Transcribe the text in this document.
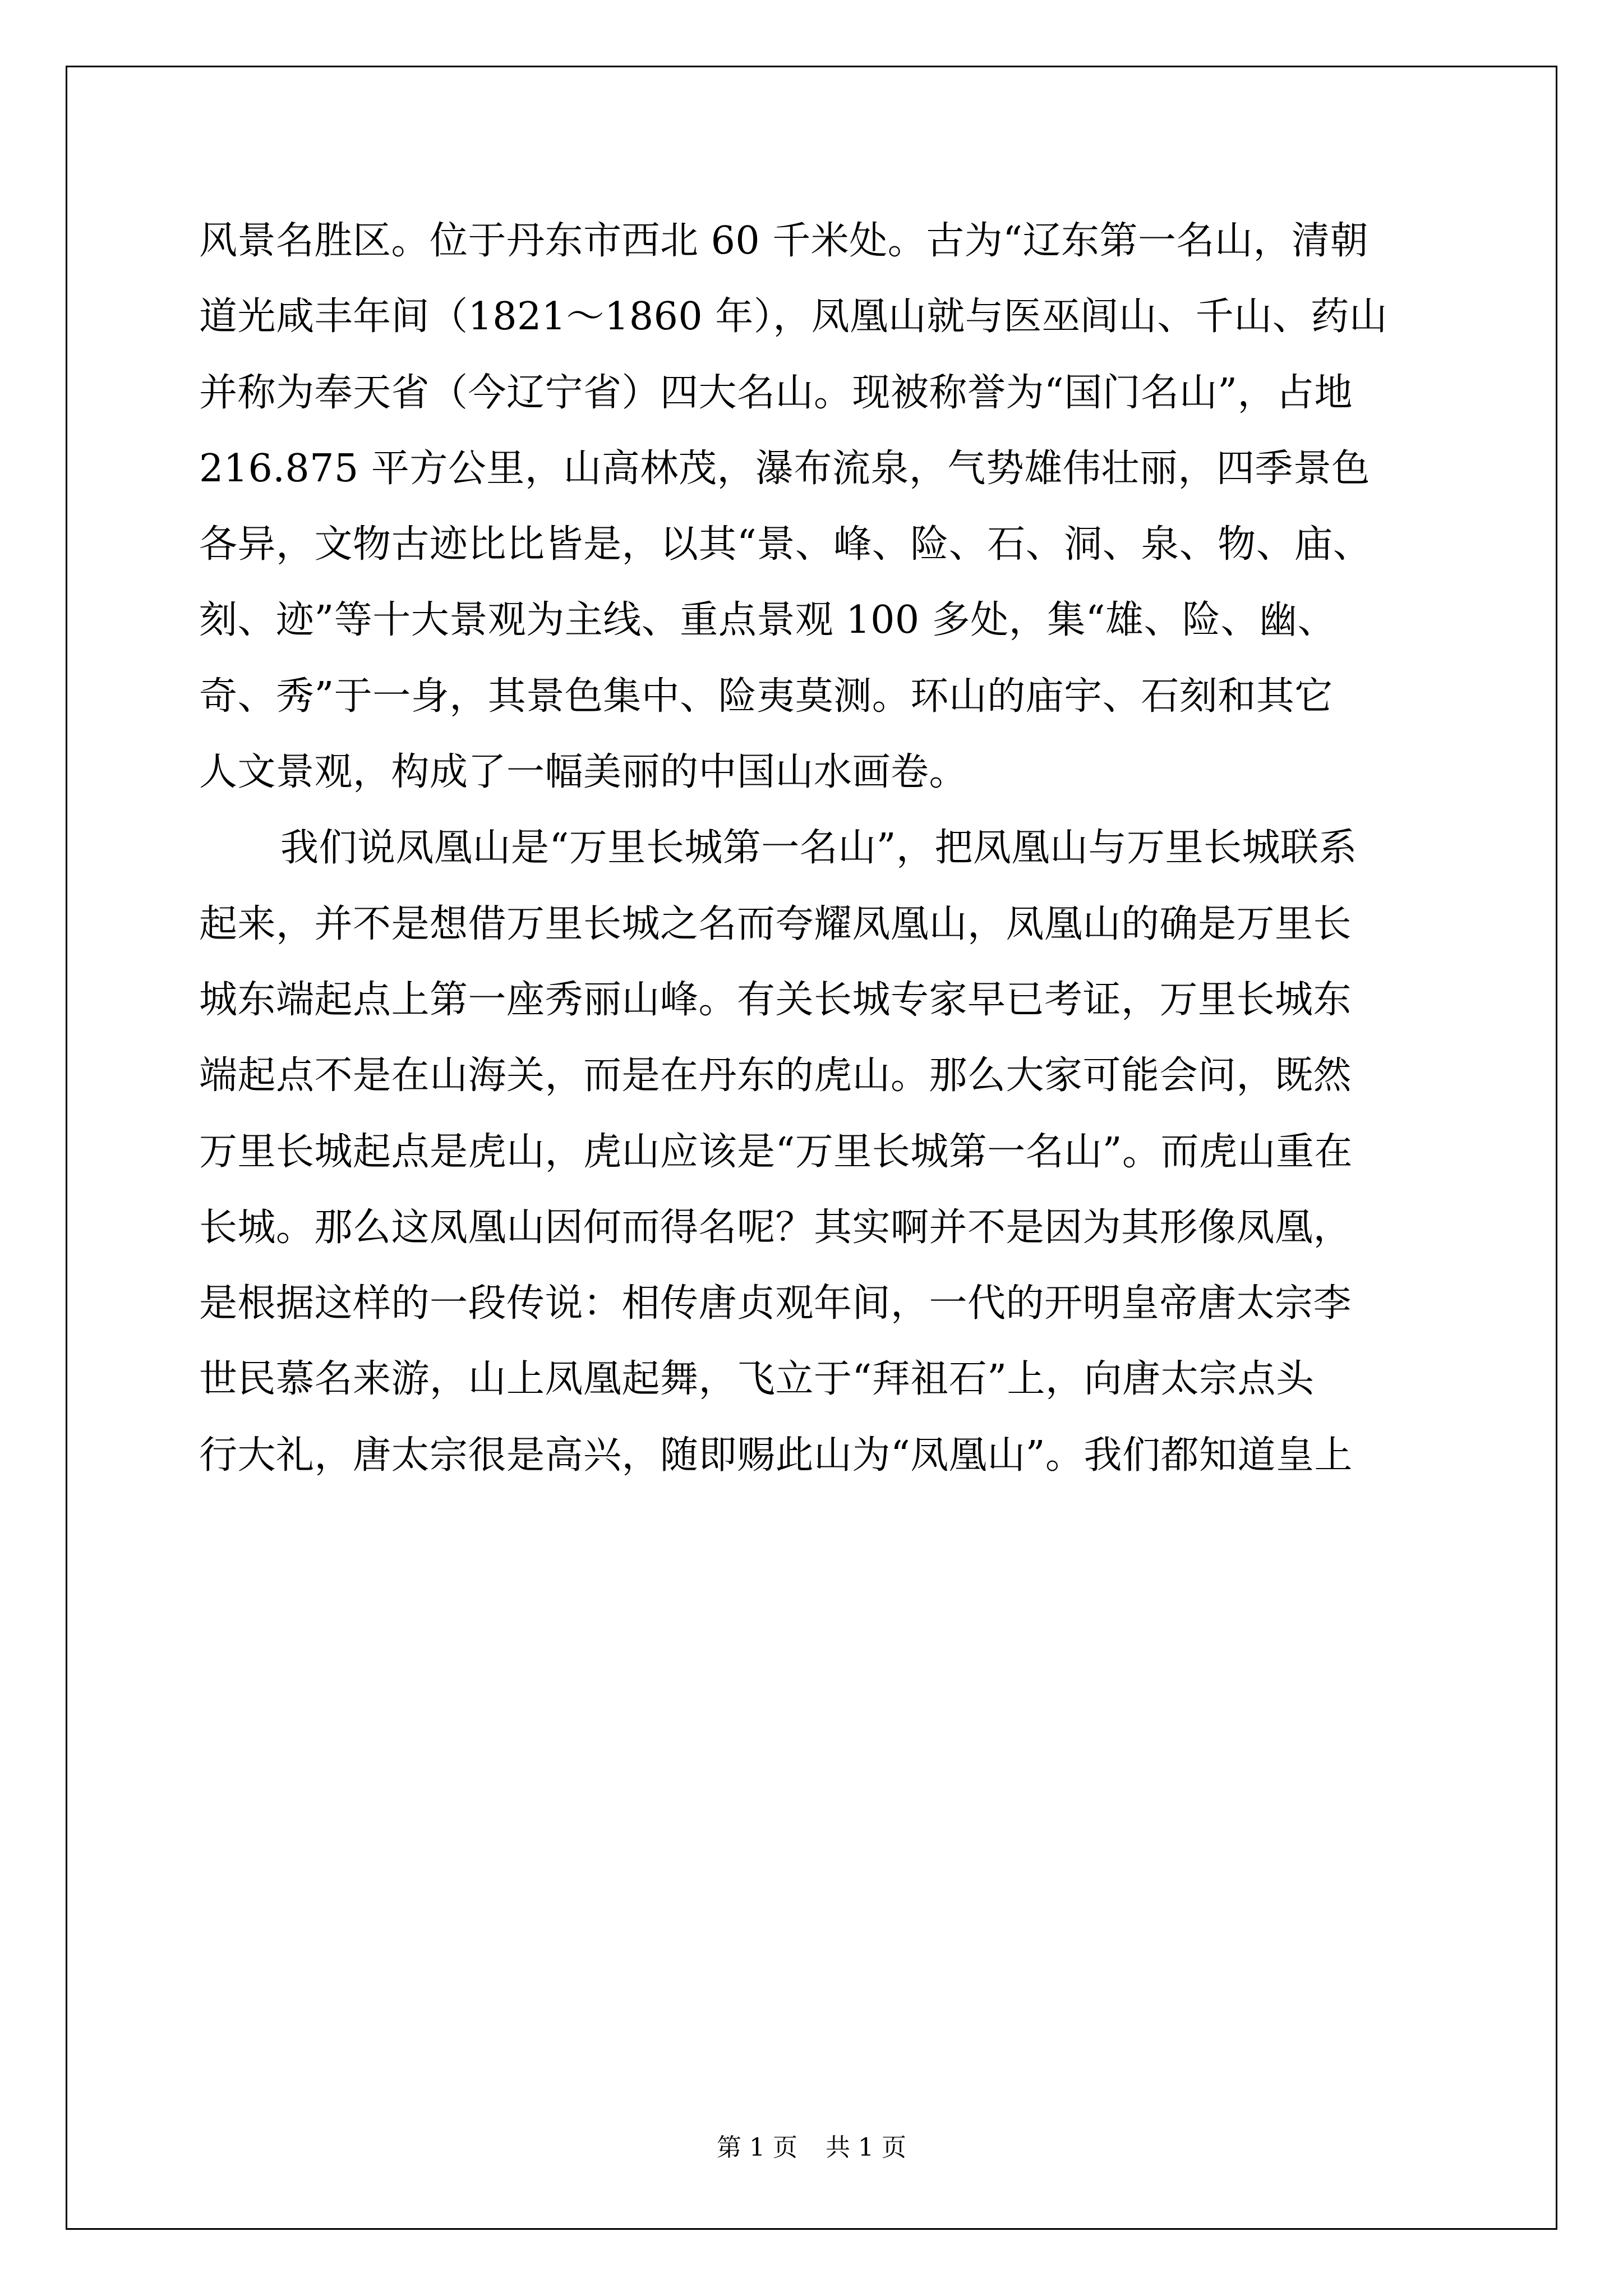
风景名胜区。位于丹东市西北 60 千米处。古为“辽东第一名山，清朝
道光咸丰年间（1821～1860 年），凤凰山就与医巫闾山、千山、药山
并称为奉天省（今辽宁省）四大名山。现被称誉为“国门名山”，占地
216.875 平方公里，山高林茂，瀑布流泉，气势雄伟壮丽，四季景色
各异，文物古迹比比皆是，以其“景、峰、险、石、洞、泉、物、庙、
刻、迹”等十大景观为主线、重点景观 100 多处，集“雄、险、幽、
奇、秀”于一身，其景色集中、险夷莫测。环山的庙宇、石刻和其它
人文景观，构成了一幅美丽的中国山水画卷。
我们说凤凰山是“万里长城第一名山”，把凤凰山与万里长城联系
起来，并不是想借万里长城之名而夸耀凤凰山，凤凰山的确是万里长
城东端起点上第一座秀丽山峰。有关长城专家早已考证，万里长城东
端起点不是在山海关，而是在丹东的虎山。那么大家可能会问，既然
万里长城起点是虎山，虎山应该是“万里长城第一名山”。而虎山重在
长城。那么这凤凰山因何而得名呢？其实啊并不是因为其形像凤凰，
是根据这样的一段传说：相传唐贞观年间，一代的开明皇帝唐太宗李
世民慕名来游，山上凤凰起舞，飞立于“拜祖石”上，向唐太宗点头
行大礼，唐太宗很是高兴，随即赐此山为“凤凰山”。我们都知道皇上
第 1 页 共 1 页
